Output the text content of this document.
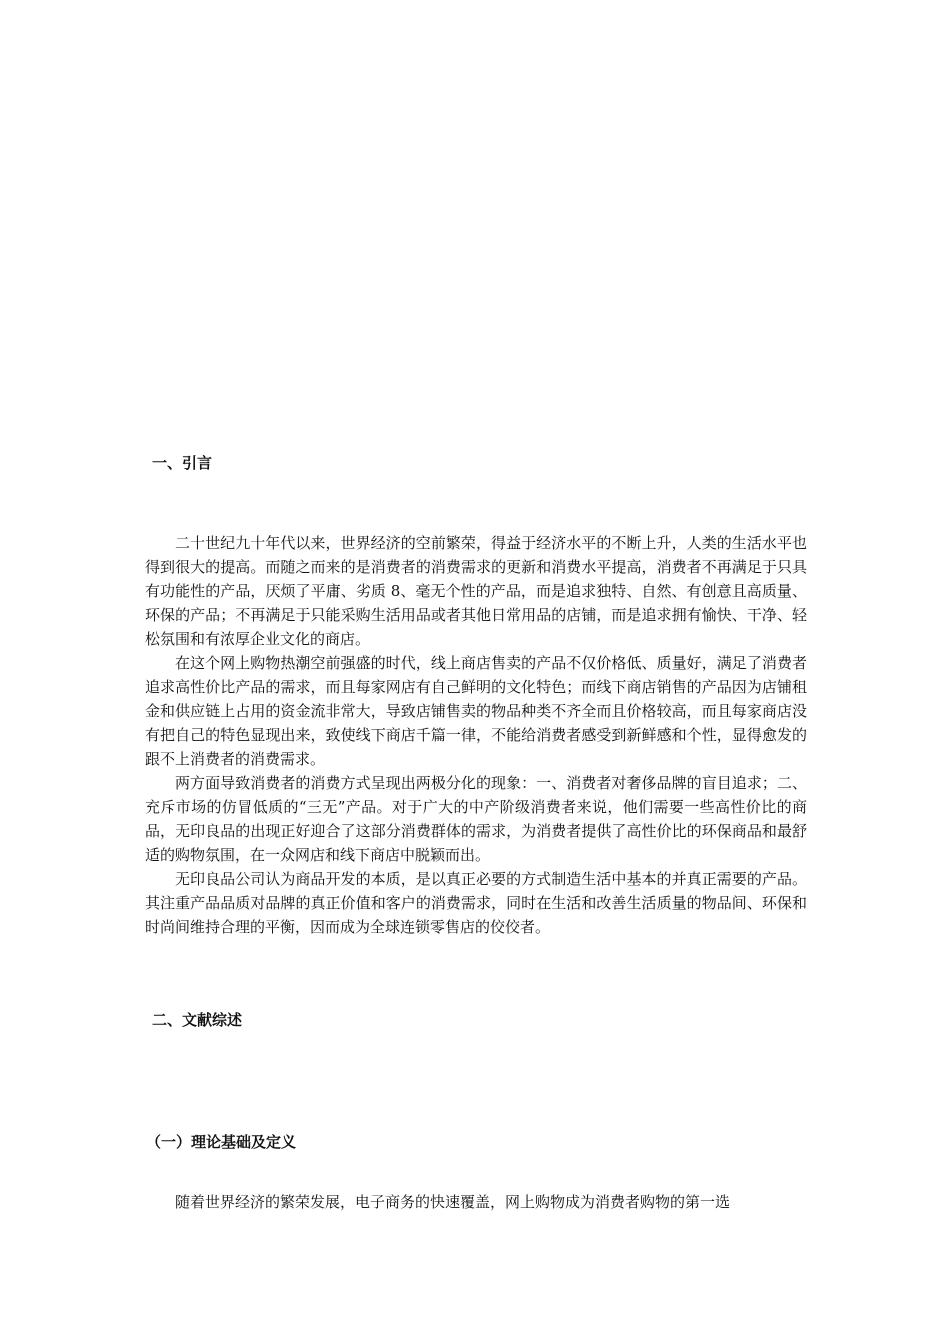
一、引言

二十世纪九十年代以来，世界经济的空前繁荣，得益于经济水平的不断上升，人类的生活水平也得到很大的提高。而随之而来的是消费者的消费需求的更新和消费水平提高，消费者不再满足于只具有功能性的产品，厌烦了平庸、劣质 8、毫无个性的产品，而是追求独特、自然、有创意且高质量、环保的产品；不再满足于只能采购生活用品或者其他日常用品的店铺，而是追求拥有愉快、干净、轻松氛围和有浓厚企业文化的商店。

在这个网上购物热潮空前强盛的时代，线上商店售卖的产品不仅价格低、质量好，满足了消费者追求高性价比产品的需求，而且每家网店有自己鲜明的文化特色；而线下商店销售的产品因为店铺租金和供应链上占用的资金流非常大，导致店铺售卖的物品种类不齐全而且价格较高，而且每家商店没有把自己的特色显现出来，致使线下商店千篇一律，不能给消费者感受到新鲜感和个性，显得愈发的跟不上消费者的消费需求。

两方面导致消费者的消费方式呈现出两极分化的现象：一、消费者对奢侈品牌的盲目追求；二、充斥市场的仿冒低质的“三无”产品。对于广大的中产阶级消费者来说，他们需要一些高性价比的商品，无印良品的出现正好迎合了这部分消费群体的需求，为消费者提供了高性价比的环保商品和最舒适的购物氛围，在一众网店和线下商店中脱颖而出。

无印良品公司认为商品开发的本质，是以真正必要的方式制造生活中基本的并真正需要的产品。其注重产品品质对品牌的真正价值和客户的消费需求，同时在生活和改善生活质量的物品间、环保和时尚间维持合理的平衡，因而成为全球连锁零售店的佼佼者。

二、文献综述
（一）理论基础及定义

随着世界经济的繁荣发展，电子商务的快速覆盖，网上购物成为消费者购物的第一选
